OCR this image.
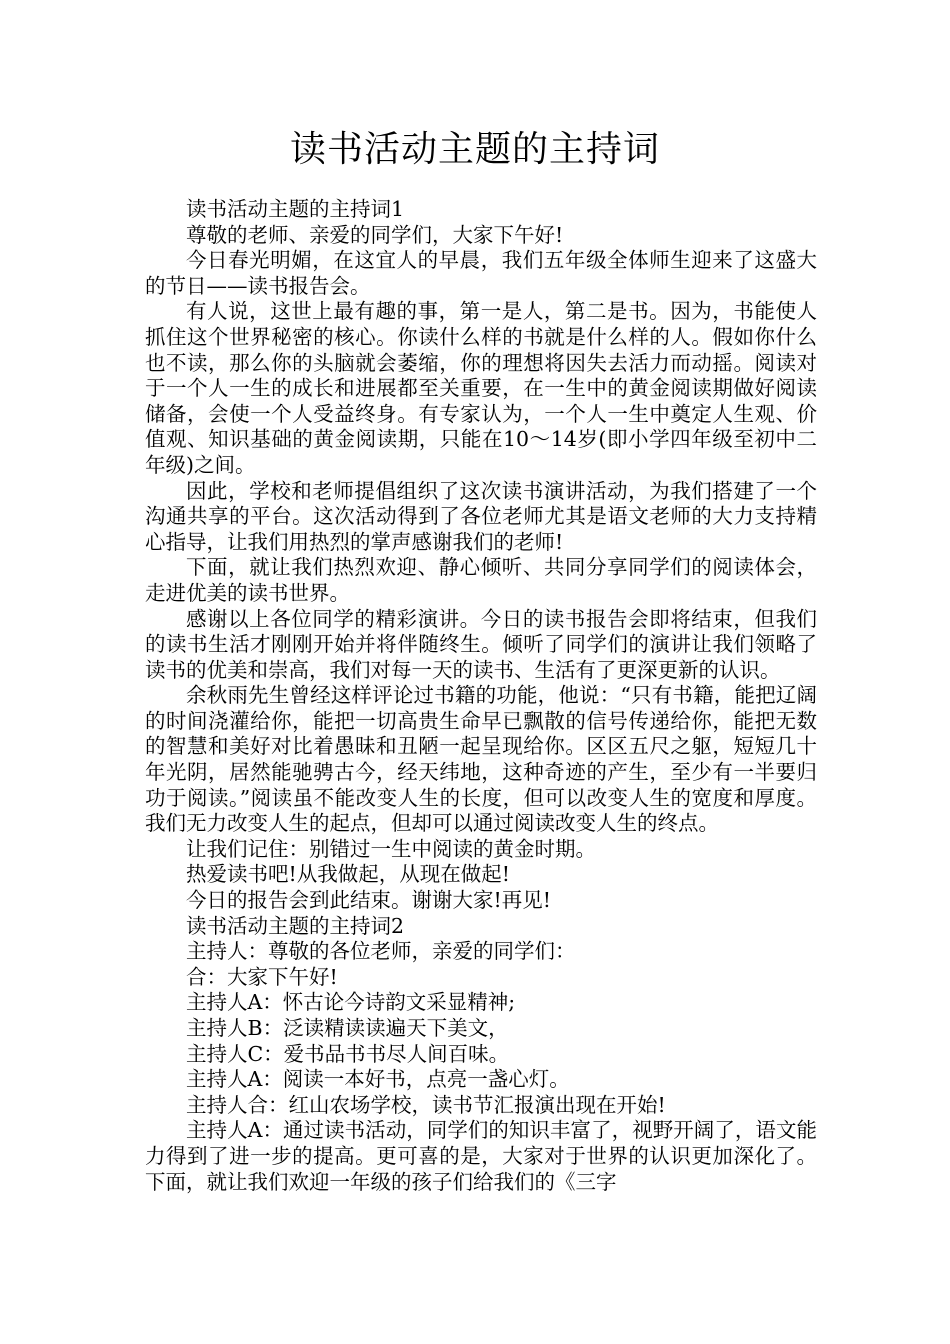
读书活动主题的主持词

读书活动主题的主持词1

尊敬的老师、亲爱的同学们，大家下午好!

今日春光明媚，在这宜人的早晨，我们五年级全体师生迎来了这盛大的节日——读书报告会。

有人说，这世上最有趣的事，第一是人，第二是书。因为，书能使人抓住这个世界秘密的核心。你读什么样的书就是什么样的人。假如你什么也不读，那么你的头脑就会萎缩，你的理想将因失去活力而动摇。阅读对于一个人一生的成长和进展都至关重要，在一生中的黄金阅读期做好阅读储备，会使一个人受益终身。有专家认为，一个人一生中奠定人生观、价值观、知识基础的黄金阅读期，只能在10～14岁(即小学四年级至初中二年级)之间。

因此，学校和老师提倡组织了这次读书演讲活动，为我们搭建了一个沟通共享的平台。这次活动得到了各位老师尤其是语文老师的大力支持精心指导，让我们用热烈的掌声感谢我们的老师!

下面，就让我们热烈欢迎、静心倾听、共同分享同学们的阅读体会，走进优美的读书世界。

感谢以上各位同学的精彩演讲。今日的读书报告会即将结束，但我们的读书生活才刚刚开始并将伴随终生。倾听了同学们的演讲让我们领略了读书的优美和崇高，我们对每一天的读书、生活有了更深更新的认识。

余秋雨先生曾经这样评论过书籍的功能，他说：“只有书籍，能把辽阔的时间浇灌给你，能把一切高贵生命早已飘散的信号传递给你，能把无数的智慧和美好对比着愚昧和丑陋一起呈现给你。区区五尺之躯，短短几十年光阴，居然能驰骋古今，经天纬地，这种奇迹的产生，至少有一半要归功于阅读。”阅读虽不能改变人生的长度，但可以改变人生的宽度和厚度。我们无力改变人生的起点，但却可以通过阅读改变人生的终点。

让我们记住：别错过一生中阅读的黄金时期。

热爱读书吧!从我做起，从现在做起!

今日的报告会到此结束。谢谢大家!再见!

读书活动主题的主持词2

主持人：尊敬的各位老师，亲爱的同学们：

合：大家下午好!

主持人A：怀古论今诗韵文采显精神;

主持人B：泛读精读读遍天下美文，

主持人C：爱书品书书尽人间百味。

主持人A：阅读一本好书，点亮一盏心灯。

主持人合：红山农场学校，读书节汇报演出现在开始!

主持人A：通过读书活动，同学们的知识丰富了，视野开阔了，语文能力得到了进一步的提高。更可喜的是，大家对于世界的认识更加深化了。下面，就让我们欢迎一年级的孩子们给我们的《三字
